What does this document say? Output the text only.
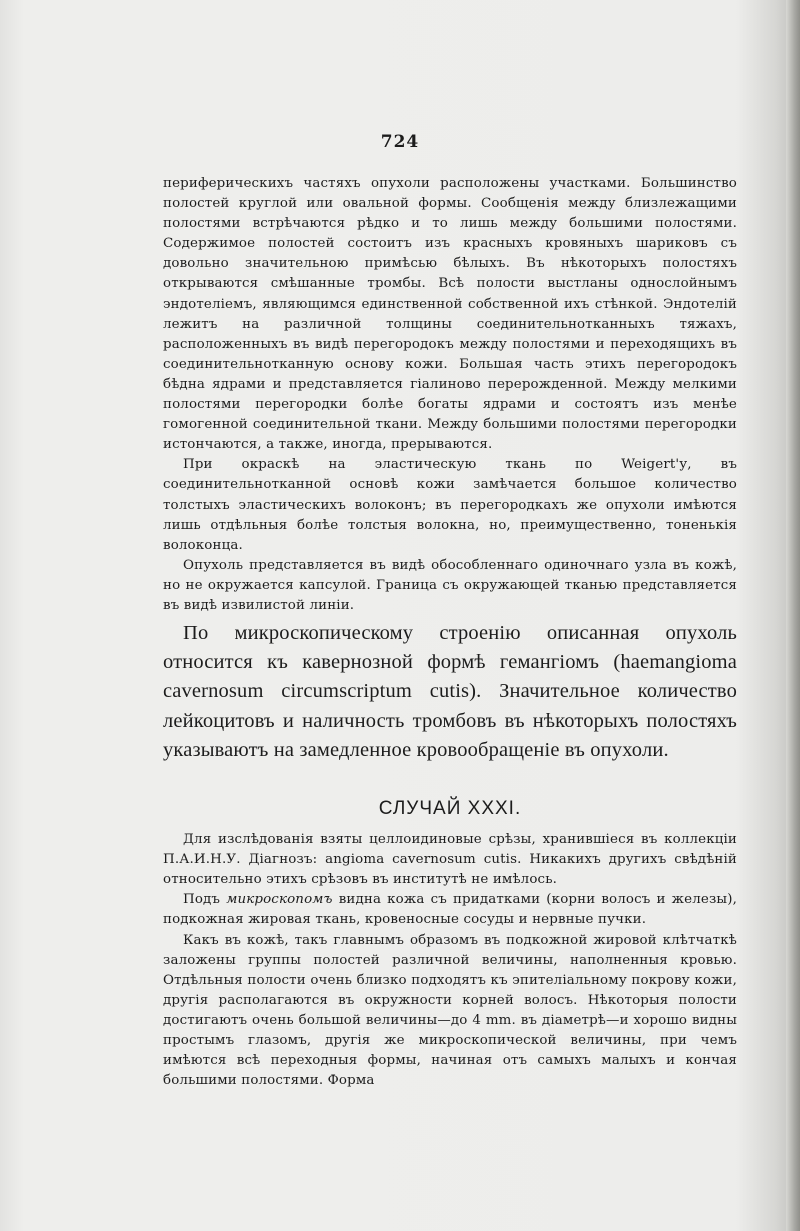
724

периферическихъ частяхъ опухоли расположены участками. Большинство полостей круглой или овальной формы. Сообщенія между близлежащими полостями встрѣчаются рѣдко и то лишь между большими полостями. Содержимое полостей состоитъ изъ красныхъ кровяныхъ шариковъ съ довольно значительною примѣсью бѣлыхъ. Въ нѣкоторыхъ полостяхъ открываются смѣшанные тромбы. Всѣ полости выстланы однослойнымъ эндотеліемъ, являющимся единственной собственной ихъ стѣнкой. Эндотелій лежитъ на различной толщины соединительнотканныхъ тяжахъ, расположенныхъ въ видѣ перегородокъ между полостями и переходящихъ въ соединительнотканную основу кожи. Большая часть этихъ перегородокъ бѣдна ядрами и представляется гіалиново перерожденной. Между мелкими полостями перегородки болѣе богаты ядрами и состоятъ изъ менѣе гомогенной соединительной ткани. Между большими полостями перегородки истончаются, а также, иногда, прерываются.

При окраскѣ на эластическую ткань по Weigert'у, въ соединительнотканной основѣ кожи замѣчается большое количество толстыхъ эластическихъ волоконъ; въ перегородкахъ же опухоли имѣются лишь отдѣльныя болѣе толстыя волокна, но, преимущественно, тоненькія волоконца.

Опухоль представляется въ видѣ обособленнаго одиночнаго узла въ кожѣ, но не окружается капсулой. Граница съ окружающей тканью представляется въ видѣ извилистой линіи.

По микроскопическому строенію описанная опухоль относится къ кавернозной формѣ гемангіомъ (haemangioma cavernosum circumscriptum cutis). Значительное количество лейкоцитовъ и наличность тромбовъ въ нѣкоторыхъ полостяхъ указываютъ на замедленное кровообращеніе въ опухоли.

СЛУЧАЙ XXXI.

Для изслѣдованія взяты целлоидиновые срѣзы, хранившіеся въ коллекціи П.А.И.Н.У. Діагнозъ: angioma cavernosum cutis. Никакихъ другихъ свѣдѣній относительно этихъ срѣзовъ въ институтѣ не имѣлось.

Подъ микроскопомъ видна кожа съ придатками (корни волосъ и железы), подкожная жировая ткань, кровеносные сосуды и нервные пучки.

Какъ въ кожѣ, такъ главнымъ образомъ въ подкожной жировой клѣтчаткѣ заложены группы полостей различной величины, наполненныя кровью. Отдѣльныя полости очень близко подходятъ къ эпителіальному покрову кожи, другія располагаются въ окружности корней волосъ. Нѣкоторыя полости достигаютъ очень большой величины—до 4 mm. въ діаметрѣ—и хорошо видны простымъ глазомъ, другія же микроскопической величины, при чемъ имѣются всѣ переходныя формы, начиная отъ самыхъ малыхъ и кончая большими полостями. Форма
